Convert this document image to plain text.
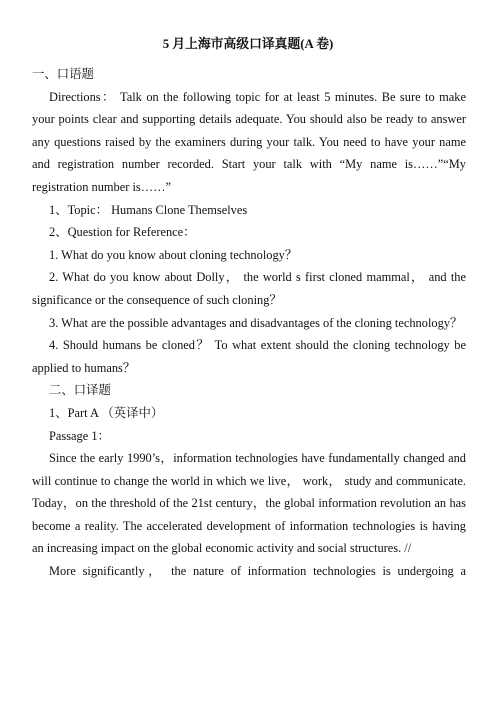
5 月上海市高级口译真题(A 卷)

一、口语题

Directions： Talk on the following topic for at least 5 minutes. Be sure to make your points clear and supporting details adequate. You should also be ready to answer any questions raised by the examiners during your talk. You need to have your name and registration number recorded. Start your talk with “My name is……”“My registration number is……”

1、Topic： Humans Clone Themselves

2、Question for Reference：

1. What do you know about cloning technology？

2. What do you know about Dolly， the world s first cloned mammal， and the significance or the consequence of such cloning？

3. What are the possible advantages and disadvantages of the cloning technology？

4. Should humans be cloned？ To what extent should the cloning technology be applied to humans？

二、口译题

1、Part A （英译中）

Passage 1：

Since the early 1990’s，information technologies have fundamentally changed and will continue to change the world in which we live， work， study and communicate. Today，on the threshold of the 21st century，the global information revolution an has become a reality. The accelerated development of information technologies is having an increasing impact on the global economic activity and social structures. //

More significantly， the nature of information technologies is undergoing a
